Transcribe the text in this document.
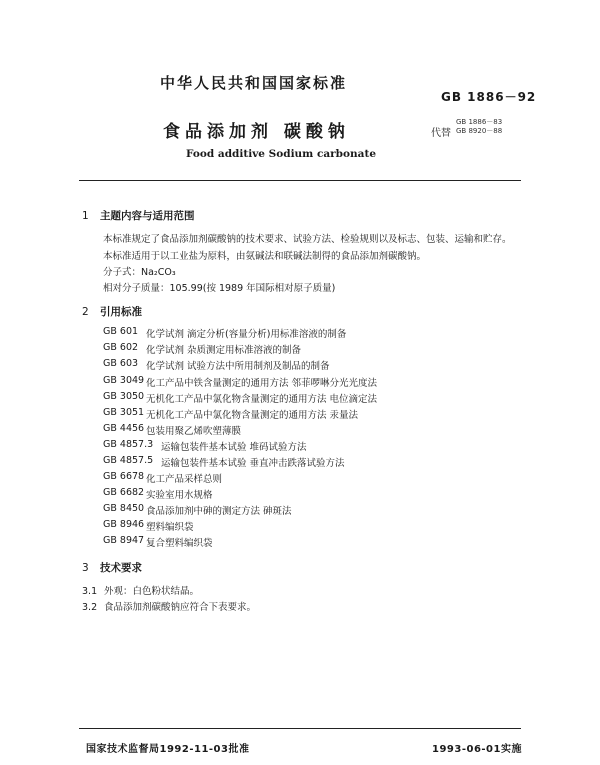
中华人民共和国国家标准
GB 1886－92
食品添加剂 碳酸钠	代替
GB 1886－83
GB 8920－88
Food additive Sodium carbonate
1 主题内容与适用范围
本标准规定了食品添加剂碳酸钠的技术要求、试验方法、检验规则以及标志、包装、运输和贮存。
本标准适用于以工业盐为原料，由氨碱法和联碱法制得的食品添加剂碳酸钠。
分子式：Na₂CO₃
相对分子质量：105.99(按 1989 年国际相对原子质量)
2 引用标准
GB 601 化学试剂 滴定分析(容量分析)用标准溶液的制备
GB 602 化学试剂 杂质测定用标准溶液的制备
GB 603 化学试剂 试验方法中所用制剂及制品的制备
GB 3049 化工产品中铁含量测定的通用方法 邻菲啰啉分光光度法
GB 3050 无机化工产品中氯化物含量测定的通用方法 电位滴定法
GB 3051 无机化工产品中氯化物含量测定的通用方法 汞量法
GB 4456 包装用聚乙烯吹塑薄膜
GB 4857.3 运输包装件基本试验 堆码试验方法
GB 4857.5 运输包装件基本试验 垂直冲击跌落试验方法
GB 6678 化工产品采样总则
GB 6682 实验室用水规格
GB 8450 食品添加剂中砷的测定方法 砷斑法
GB 8946 塑料编织袋
GB 8947 复合塑料编织袋
3 技术要求
3.1 外观：白色粉状结晶。
3.2 食品添加剂碳酸钠应符合下表要求。
国家技术监督局1992-11-03批准	1993-06-01实施
